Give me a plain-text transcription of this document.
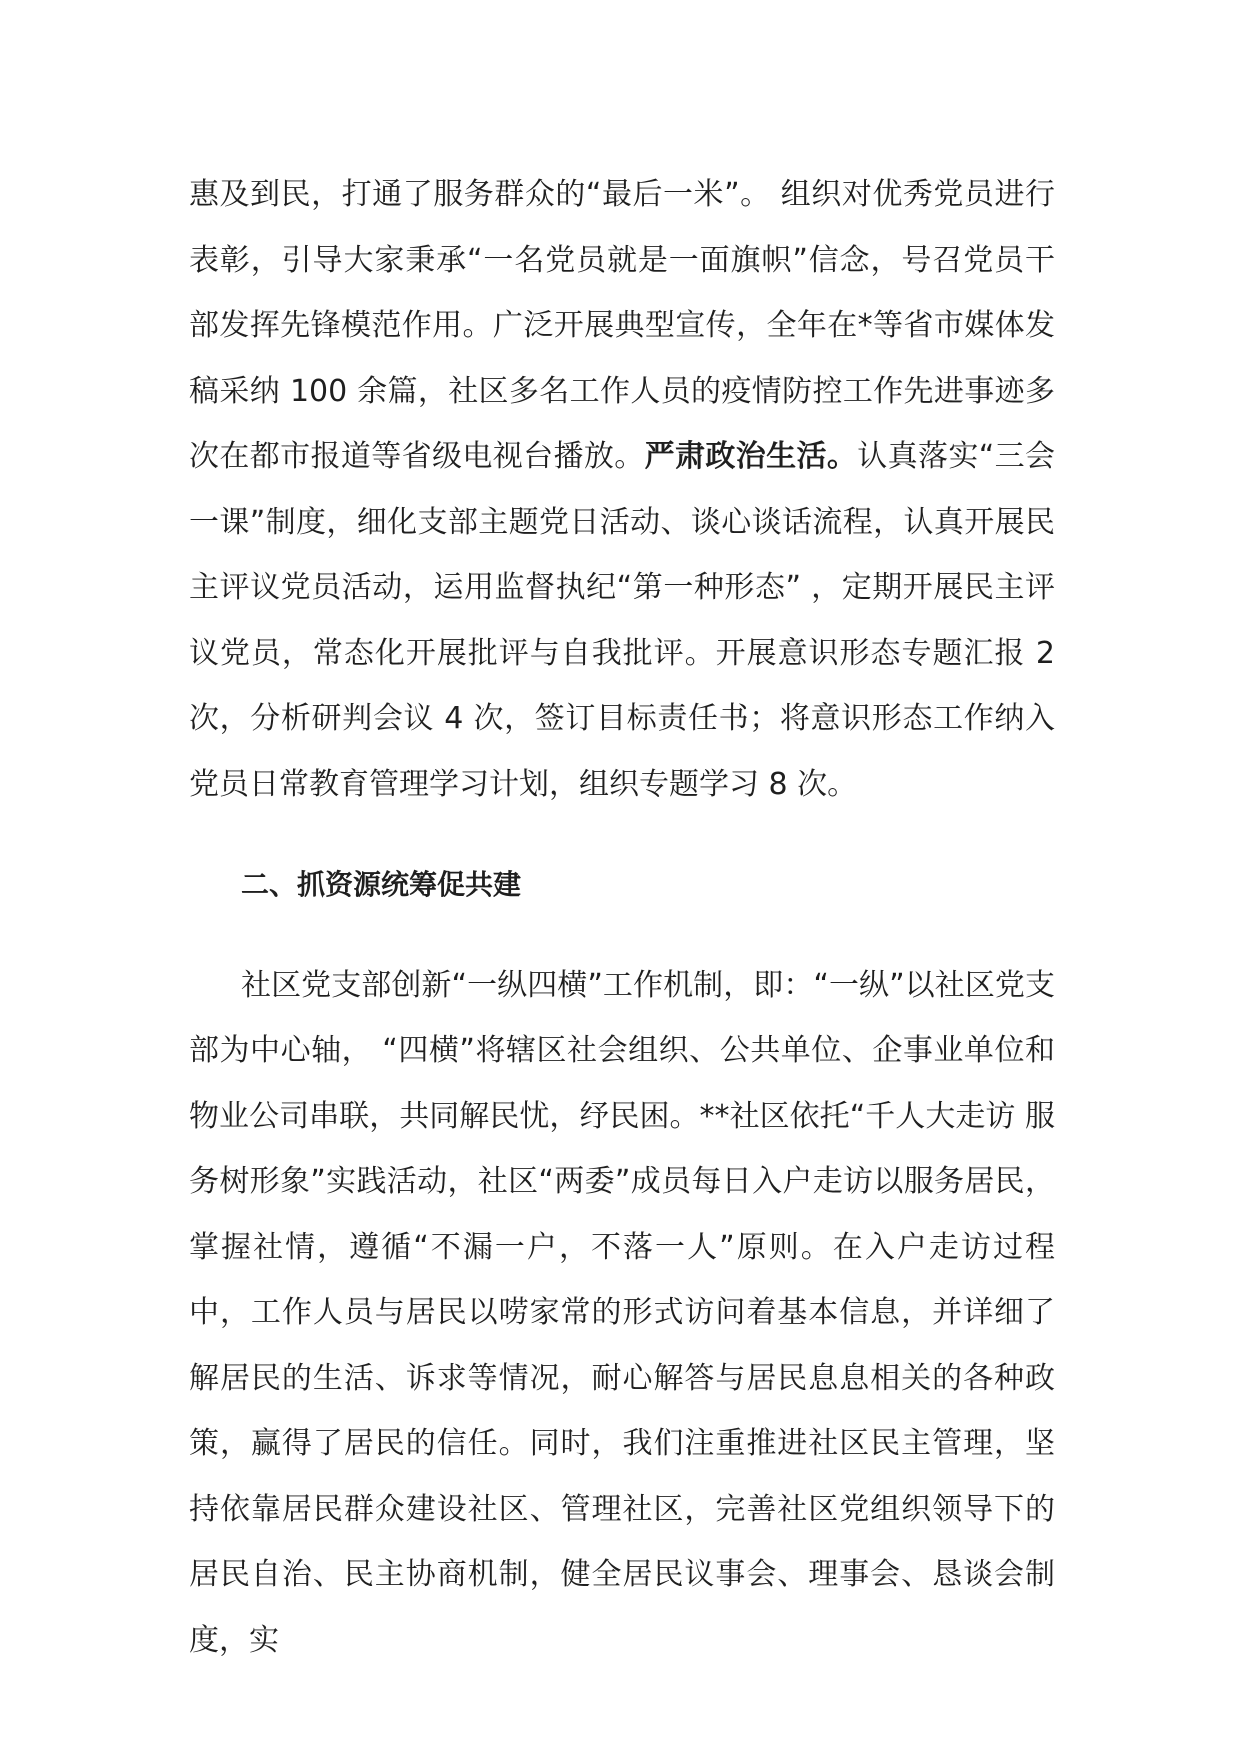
惠及到民，打通了服务群众的“最后一米”。 组织对优秀党员进行表彰，引导大家秉承“一名党员就是一面旗帜”信念，号召党员干部发挥先锋模范作用。广泛开展典型宣传，全年在*等省市媒体发稿采纳 100 余篇，社区多名工作人员的疫情防控工作先进事迹多次在都市报道等省级电视台播放。严肃政治生活。认真落实“三会一课”制度，细化支部主题党日活动、谈心谈话流程，认真开展民主评议党员活动，运用监督执纪“第一种形态” ，定期开展民主评议党员，常态化开展批评与自我批评。开展意识形态专题汇报 2 次，分析研判会议 4 次，签订目标责任书；将意识形态工作纳入党员日常教育管理学习计划，组织专题学习 8 次。

二、抓资源统筹促共建

社区党支部创新“一纵四横”工作机制，即：“一纵”以社区党支部为中心轴， “四横”将辖区社会组织、公共单位、企事业单位和物业公司串联，共同解民忧，纾民困。**社区依托“千人大走访 服务树形象”实践活动，社区“两委”成员每日入户走访以服务居民，掌握社情，遵循“不漏一户，不落一人”原则。在入户走访过程中，工作人员与居民以唠家常的形式访问着基本信息，并详细了解居民的生活、诉求等情况，耐心解答与居民息息相关的各种政策，赢得了居民的信任。同时，我们注重推进社区民主管理，坚持依靠居民群众建设社区、管理社区，完善社区党组织领导下的居民自治、民主协商机制，健全居民议事会、理事会、恳谈会制度，实
